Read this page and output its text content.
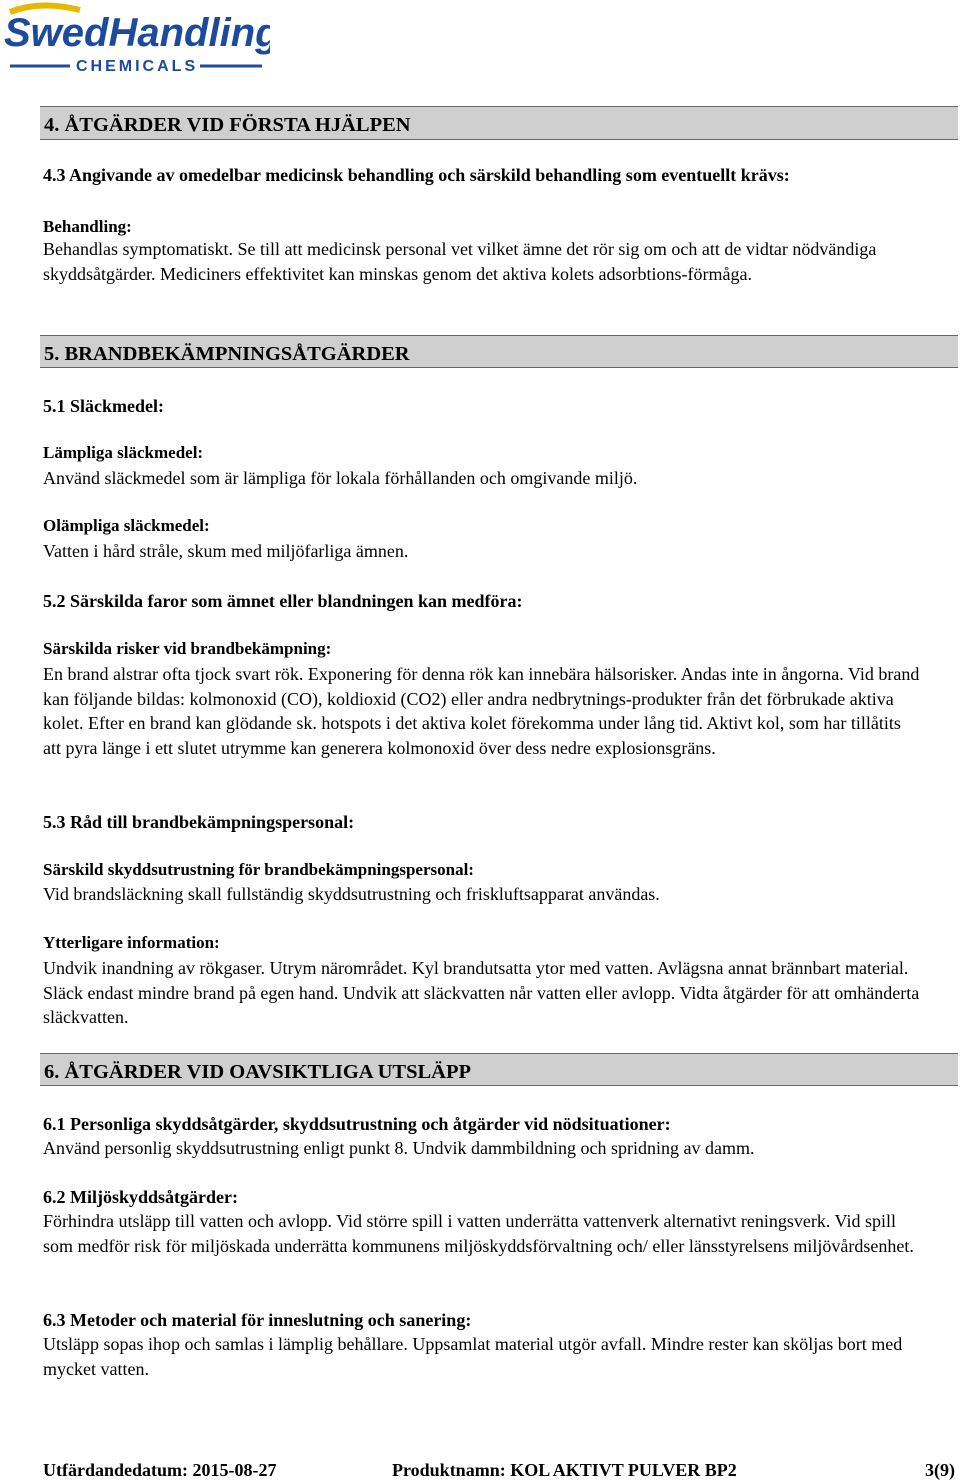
SwedHandling
CHEMICALS
4. ÅTGÄRDER VID FÖRSTA HJÄLPEN
4.3 Angivande av omedelbar medicinsk behandling och särskild behandling som eventuellt krävs:
Behandling:
Behandlas symptomatiskt. Se till att medicinsk personal vet vilket ämne det rör sig om och att de vidtar nödvändiga skyddsåtgärder. Mediciners effektivitet kan minskas genom det aktiva kolets adsorbtions-förmåga.
5. BRANDBEKÄMPNINGSÅTGÄRDER
5.1 Släckmedel:
Lämpliga släckmedel:
Använd släckmedel som är lämpliga för lokala förhållanden och omgivande miljö.
Olämpliga släckmedel:
Vatten i hård stråle, skum med miljöfarliga ämnen.
5.2 Särskilda faror som ämnet eller blandningen kan medföra:
Särskilda risker vid brandbekämpning:
En brand alstrar ofta tjock svart rök. Exponering för denna rök kan innebära hälsorisker. Andas inte in ångorna. Vid brand kan följande bildas: kolmonoxid (CO), koldioxid (CO2) eller andra nedbrytnings-produkter från det förbrukade aktiva kolet. Efter en brand kan glödande sk. hotspots i det aktiva kolet förekomma under lång tid. Aktivt kol, som har tillåtits att pyra länge i ett slutet utrymme kan generera kolmonoxid över dess nedre explosionsgräns.
5.3 Råd till brandbekämpningspersonal:
Särskild skyddsutrustning för brandbekämpningspersonal:
Vid brandsläckning skall fullständig skyddsutrustning och friskluftsapparat användas.
Ytterligare information:
Undvik inandning av rökgaser. Utrym närområdet. Kyl brandutsatta ytor med vatten. Avlägsna annat brännbart material. Släck endast mindre brand på egen hand. Undvik att släckvatten når vatten eller avlopp. Vidta åtgärder för att omhänderta släckvatten.
6. ÅTGÄRDER VID OAVSIKTLIGA UTSLÄPP
6.1 Personliga skyddsåtgärder, skyddsutrustning och åtgärder vid nödsituationer:
Använd personlig skyddsutrustning enligt punkt 8. Undvik dammbildning och spridning av damm.
6.2 Miljöskyddsåtgärder:
Förhindra utsläpp till vatten och avlopp. Vid större spill i vatten underrätta vattenverk alternativt reningsverk. Vid spill som medför risk för miljöskada underrätta kommunens miljöskyddsförvaltning och/ eller länsstyrelsens miljövårdsenhet.
6.3 Metoder och material för inneslutning och sanering:
Utsläpp sopas ihop och samlas i lämplig behållare. Uppsamlat material utgör avfall. Mindre rester kan sköljas bort med mycket vatten.
Utfärdandedatum: 2015-08-27	Produktnamn: KOL AKTIVT PULVER BP2	3(9)
